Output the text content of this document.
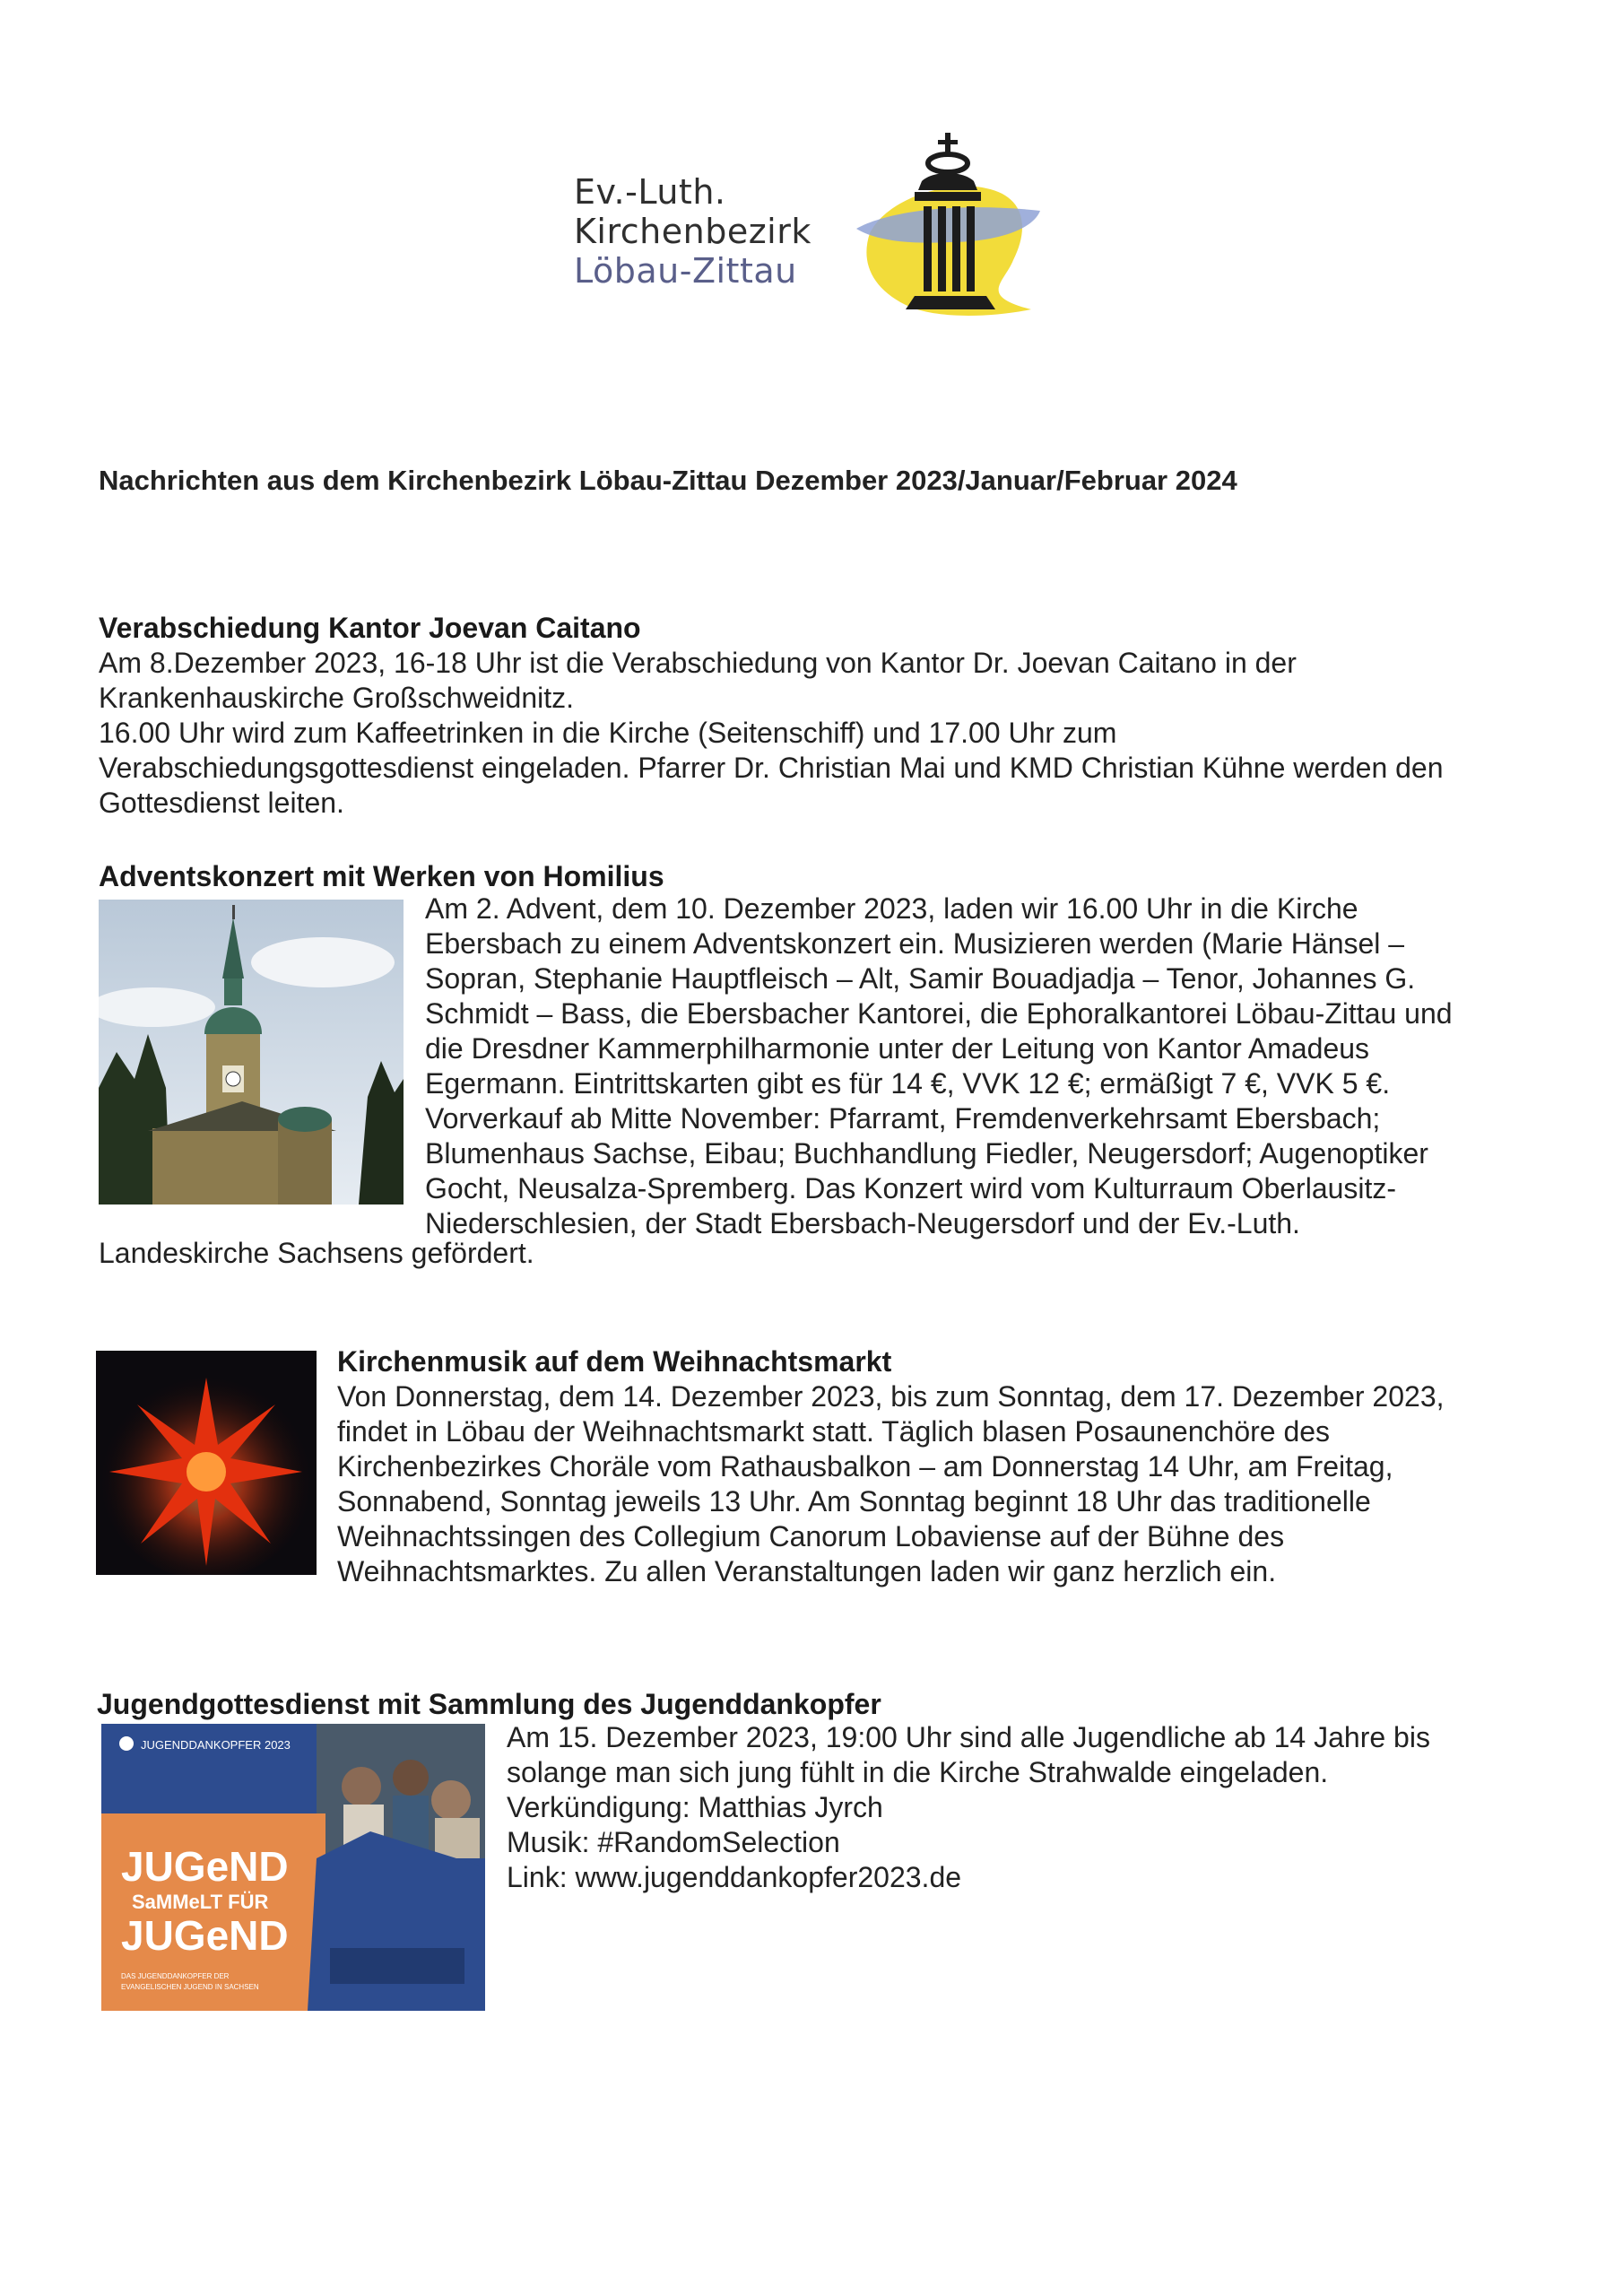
Ev.-Luth.
Kirchenbezirk
Löbau-Zittau
Nachrichten aus dem Kirchenbezirk Löbau-Zittau Dezember 2023/Januar/Februar 2024
Verabschiedung Kantor Joevan Caitano

Am 8.Dezember 2023, 16-18 Uhr ist die Verabschiedung von Kantor Dr. Joevan Caitano in der

Krankenhauskirche Großschweidnitz.

16.00 Uhr wird zum Kaffeetrinken in die Kirche (Seitenschiff) und 17.00 Uhr zum

Verabschiedungsgottesdienst eingeladen. Pfarrer Dr. Christian Mai und KMD Christian Kühne werden den

Gottesdienst leiten.

Adventskonzert mit Werken von Homilius

Am 2. Advent, dem 10. Dezember 2023, laden wir 16.00 Uhr in die Kirche

Ebersbach zu einem Adventskonzert ein. Musizieren werden (Marie Hänsel –

Sopran, Stephanie Hauptfleisch – Alt, Samir Bouadjadja – Tenor, Johannes G.

Schmidt – Bass, die Ebersbacher Kantorei, die Ephoralkantorei Löbau-Zittau und

die Dresdner Kammerphilharmonie unter der Leitung von Kantor Amadeus

Egermann. Eintrittskarten gibt es für 14 €, VVK 12 €; ermäßigt 7 €, VVK 5 €.

Vorverkauf ab Mitte November: Pfarramt, Fremdenverkehrsamt Ebersbach;

Blumenhaus Sachse, Eibau; Buchhandlung Fiedler, Neugersdorf; Augenoptiker

Gocht, Neusalza-Spremberg. Das Konzert wird vom Kulturraum Oberlausitz-

Niederschlesien, der Stadt Ebersbach-Neugersdorf und der Ev.-Luth.

Landeskirche Sachsens gefördert.
Kirchenmusik auf dem Weihnachtsmarkt

Von Donnerstag, dem 14. Dezember 2023, bis zum Sonntag, dem 17. Dezember 2023,

findet in Löbau der Weihnachtsmarkt statt. Täglich blasen Posaunenchöre des

Kirchenbezirkes Choräle vom Rathausbalkon – am Donnerstag 14 Uhr, am Freitag,

Sonnabend, Sonntag jeweils 13 Uhr. Am Sonntag beginnt 18 Uhr das traditionelle

Weihnachtssingen des Collegium Canorum Lobaviense auf der Bühne des

Weihnachtsmarktes. Zu allen Veranstaltungen laden wir ganz herzlich ein.

Jugendgottesdienst mit Sammlung des Jugenddankopfer
JUGENDDANKOPFER 2023
JUGeND
SaMMeLT FÜR
JUGeND
DAS JUGENDDANKOPFER DER
EVANGELISCHEN JUGEND IN SACHSEN

Am 15. Dezember 2023, 19:00 Uhr sind alle Jugendliche ab 14 Jahre bis

solange man sich jung fühlt in die Kirche Strahwalde eingeladen.

Verkündigung: Matthias Jyrch

Musik: #RandomSelection

Link: www.jugenddankopfer2023.de
